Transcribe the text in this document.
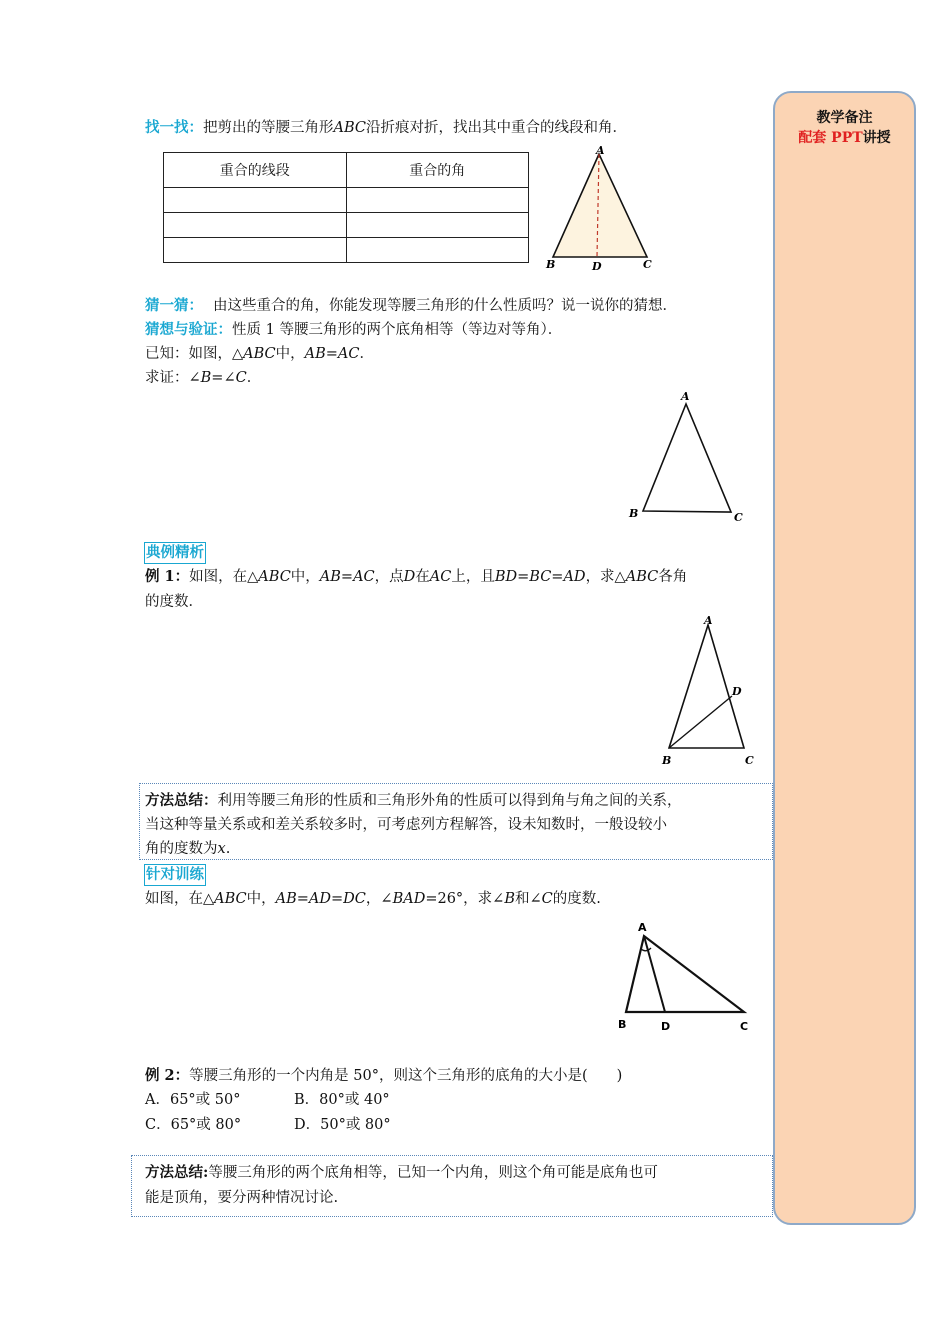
找一找：把剪出的等腰三角形ABC沿折痕对折，找出其中重合的线段和角．
重合的线段	重合的角

A
B	D	C
猜一猜： 由这些重合的角，你能发现等腰三角形的什么性质吗？说一说你的猜想．
猜想与验证：性质 1 等腰三角形的两个底角相等（等边对等角）．
已知：如图，△ABC中，AB=AC．
求证：∠B=∠C．
A
B	C
典例精析
例 1：如图，在△ABC中，AB=AC，点D在AC上，且BD=BC=AD，求△ABC各角
的度数．
A
D
B	C
方法总结：利用等腰三角形的性质和三角形外角的性质可以得到角与角之间的关系，
当这种等量关系或和差关系较多时，可考虑列方程解答，设未知数时，一般设较小
角的度数为x.
针对训练
如图，在△ABC中，AB=AD=DC，∠BAD=26°，求∠B和∠C的度数.
A
B	D	C
例 2：等腰三角形的一个内角是 50°，则这个三角形的底角的大小是(　　)
A．65°或 50°	B．80°或 40°
C．65°或 80°	D．50°或 80°
方法总结:等腰三角形的两个底角相等，已知一个内角，则这个角可能是底角也可
能是顶角，要分两种情况讨论.
教学备注
配套 PPT讲授
